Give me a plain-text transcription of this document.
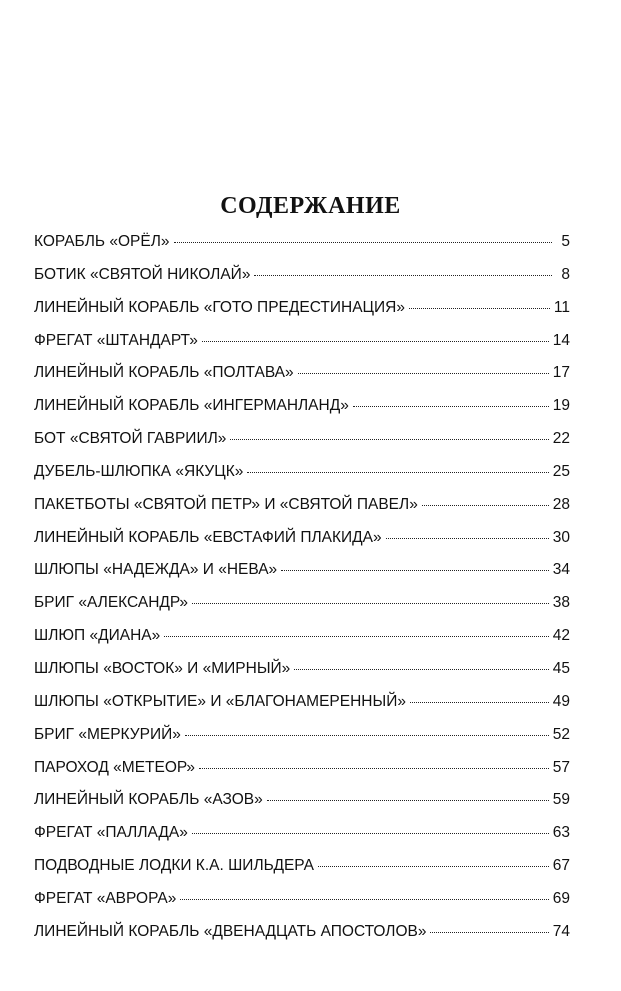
СОДЕРЖАНИЕ
КОРАБЛЬ «ОРЁЛ»	5
БОТИК «СВЯТОЙ НИКОЛАЙ»	8
ЛИНЕЙНЫЙ КОРАБЛЬ «ГОТО ПРЕДЕСТИНАЦИЯ»	11
ФРЕГАТ «ШТАНДАРТ»	14
ЛИНЕЙНЫЙ КОРАБЛЬ «ПОЛТАВА»	17
ЛИНЕЙНЫЙ КОРАБЛЬ «ИНГЕРМАНЛАНД»	19
БОТ «СВЯТОЙ ГАВРИИЛ»	22
ДУБЕЛЬ-ШЛЮПКА «ЯКУЦК»	25
ПАКЕТБОТЫ «СВЯТОЙ ПЕТР» И «СВЯТОЙ ПАВЕЛ»	28
ЛИНЕЙНЫЙ КОРАБЛЬ «ЕВСТАФИЙ ПЛАКИДА»	30
ШЛЮПЫ «НАДЕЖДА» И «НЕВА»	34
БРИГ «АЛЕКСАНДР»	38
ШЛЮП «ДИАНА»	42
ШЛЮПЫ «ВОСТОК» И «МИРНЫЙ»	45
ШЛЮПЫ «ОТКРЫТИЕ» И «БЛАГОНАМЕРЕННЫЙ»	49
БРИГ «МЕРКУРИЙ»	52
ПАРОХОД «МЕТЕОР»	57
ЛИНЕЙНЫЙ КОРАБЛЬ «АЗОВ»	59
ФРЕГАТ «ПАЛЛАДА»	63
ПОДВОДНЫЕ ЛОДКИ К.А. ШИЛЬДЕРА	67
ФРЕГАТ «АВРОРА»	69
ЛИНЕЙНЫЙ КОРАБЛЬ «ДВЕНАДЦАТЬ АПОСТОЛОВ»	74
